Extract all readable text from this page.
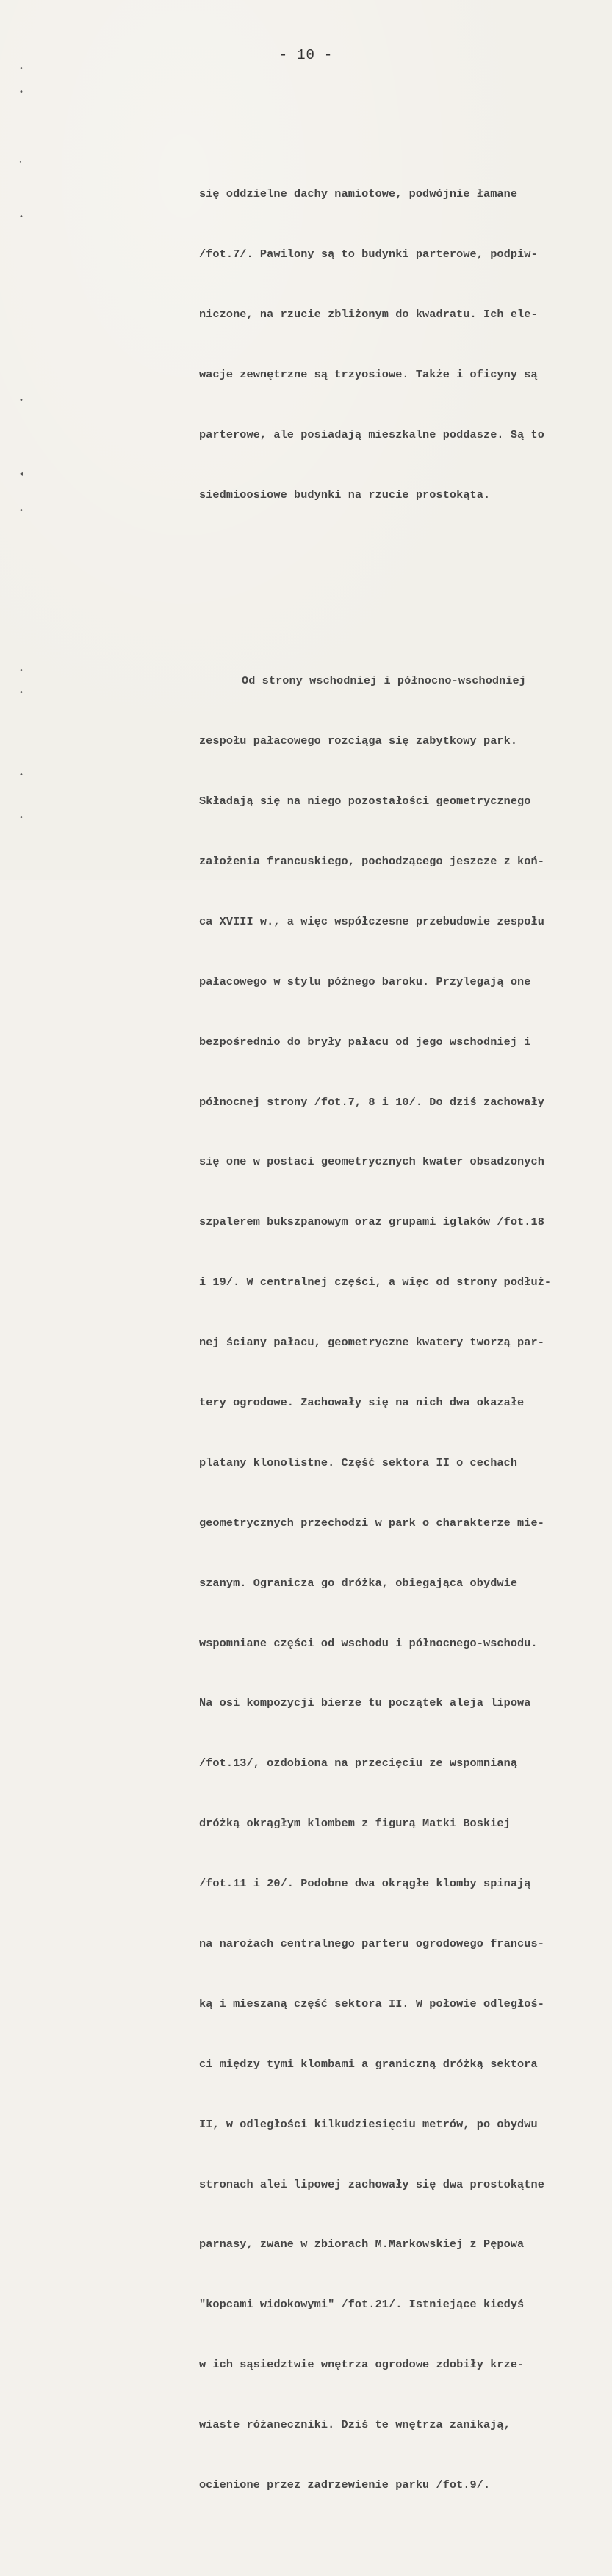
- 10 -
•
•
'
•
•
◂
•
•
•
•
•

się oddzielne dachy namiotowe, podwójnie łamane

/fot.7/. Pawilony są to budynki parterowe, podpiw-

niczone, na rzucie zbliżonym do kwadratu. Ich ele-

wacje zewnętrzne są trzyosiowe. Także i oficyny są

parterowe, ale posiadają mieszkalne poddasze. Są to

siedmioosiowe budynki na rzucie prostokąta.

Od strony wschodniej i północno-wschodniej

zespołu pałacowego rozciąga się zabytkowy park.

Składają się na niego pozostałości geometrycznego

założenia francuskiego, pochodzącego jeszcze z koń-

ca XVIII w., a więc współczesne przebudowie zespołu

pałacowego w stylu późnego baroku. Przylegają one

bezpośrednio do bryły pałacu od jego wschodniej i

północnej strony /fot.7, 8 i 10/. Do dziś zachowały

się one w postaci geometrycznych kwater obsadzonych

szpalerem bukszpanowym oraz grupami iglaków /fot.18

i 19/. W centralnej części, a więc od strony podłuż-

nej ściany pałacu, geometryczne kwatery tworzą par-

tery ogrodowe. Zachowały się na nich dwa okazałe

platany klonolistne. Część sektora II o cechach

geometrycznych przechodzi w park o charakterze mie-

szanym. Ogranicza go dróżka, obiegająca obydwie

wspomniane części od wschodu i północnego-wschodu.

Na osi kompozycji bierze tu początek aleja lipowa

/fot.13/, ozdobiona na przecięciu ze wspomnianą

dróżką okrągłym klombem z figurą Matki Boskiej

/fot.11 i 20/. Podobne dwa okrągłe klomby spinają

na narożach centralnego parteru ogrodowego francus-

ką i mieszaną część sektora II. W połowie odległoś-

ci między tymi klombami a graniczną dróżką sektora

II, w odległości kilkudziesięciu metrów, po obydwu

stronach alei lipowej zachowały się dwa prostokątne

parnasy, zwane w zbiorach M.Markowskiej z Pępowa

"kopcami widokowymi" /fot.21/. Istniejące kiedyś

w ich sąsiedztwie wnętrza ogrodowe zdobiły krze-

wiaste różaneczniki. Dziś te wnętrza zanikają,

ocienione przez zadrzewienie parku /fot.9/.
